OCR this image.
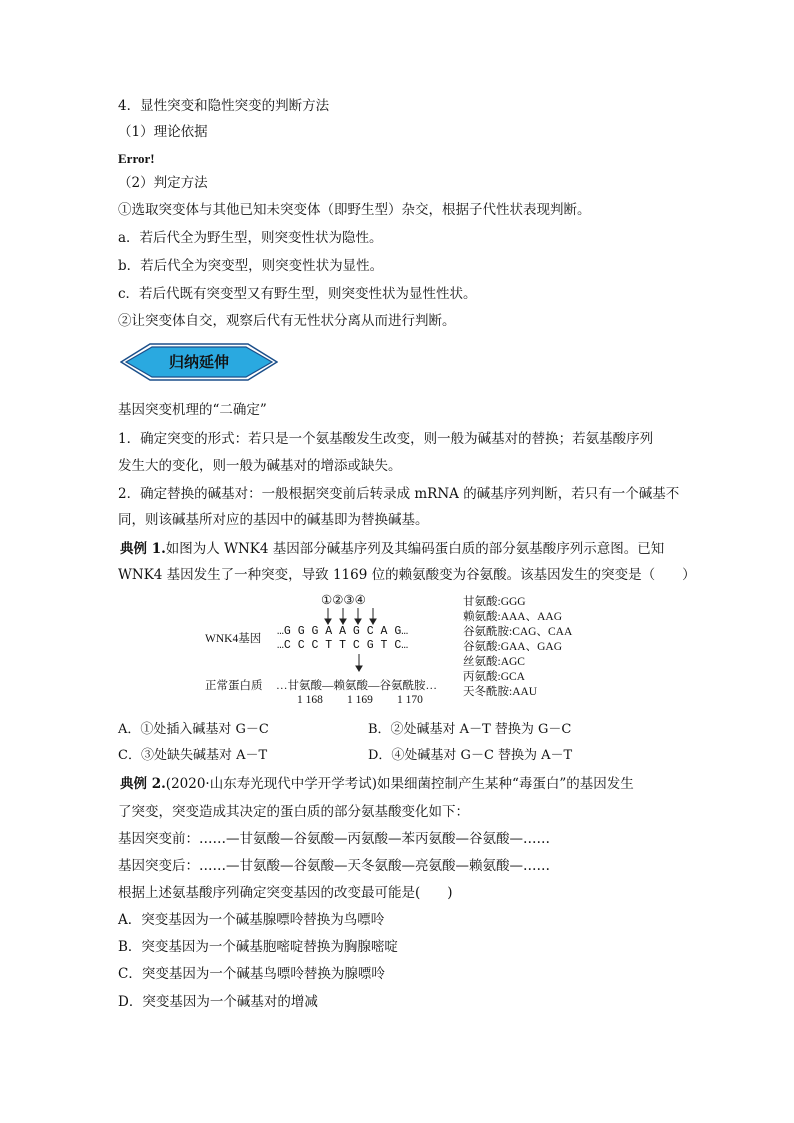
4．显性突变和隐性突变的判断方法
（1）理论依据
Error!
（2）判定方法
①选取突变体与其他已知未突变体（即野生型）杂交，根据子代性状表现判断。
a．若后代全为野生型，则突变性状为隐性。
b．若后代全为突变型，则突变性状为显性。
c．若后代既有突变型又有野生型，则突变性状为显性性状。
②让突变体自交，观察后代有无性状分离从而进行判断。
归纳延伸
基因突变机理的“二确定”
1．确定突变的形式：若只是一个氨基酸发生改变，则一般为碱基对的替换；若氨基酸序列
发生大的变化，则一般为碱基对的增添或缺失。
2．确定替换的碱基对：一般根据突变前后转录成 mRNA 的碱基序列判断，若只有一个碱基不
同，则该碱基所对应的基因中的碱基即为替换碱基。
典例 1.如图为人 WNK4 基因部分碱基序列及其编码蛋白质的部分氨基酸序列示意图。已知
WNK4 基因发生了一种突变，导致 1169 位的赖氨酸变为谷氨酸。该基因发生的突变是（　　）
①②③④
WNK4基因
…G G G A A G C A G…
…C C C T T C G T C…
正常蛋白质 …甘氨酸—赖氨酸—谷氨酰胺…
1 168 1 169 1 170
甘氨酸:GGG
赖氨酸:AAA、AAG
谷氨酰胺:CAG、CAA
谷氨酸:GAA、GAG
丝氨酸:AGC
丙氨酸:GCA
天冬酰胺:AAU
A．①处插入碱基对 G－C	B．②处碱基对 A－T 替换为 G－C
C．③处缺失碱基对 A－T	D．④处碱基对 G－C 替换为 A－T
典例 2.(2020·山东寿光现代中学开学考试)如果细菌控制产生某种“毒蛋白”的基因发生
了突变，突变造成其决定的蛋白质的部分氨基酸变化如下：
基因突变前：……—甘氨酸—谷氨酸—丙氨酸—苯丙氨酸—谷氨酸—……
基因突变后：……—甘氨酸—谷氨酸—天冬氨酸—亮氨酸—赖氨酸—……
根据上述氨基酸序列确定突变基因的改变最可能是(　　)
A．突变基因为一个碱基腺嘌呤替换为鸟嘌呤
B．突变基因为一个碱基胞嘧啶替换为胸腺嘧啶
C．突变基因为一个碱基鸟嘌呤替换为腺嘌呤
D．突变基因为一个碱基对的增减
